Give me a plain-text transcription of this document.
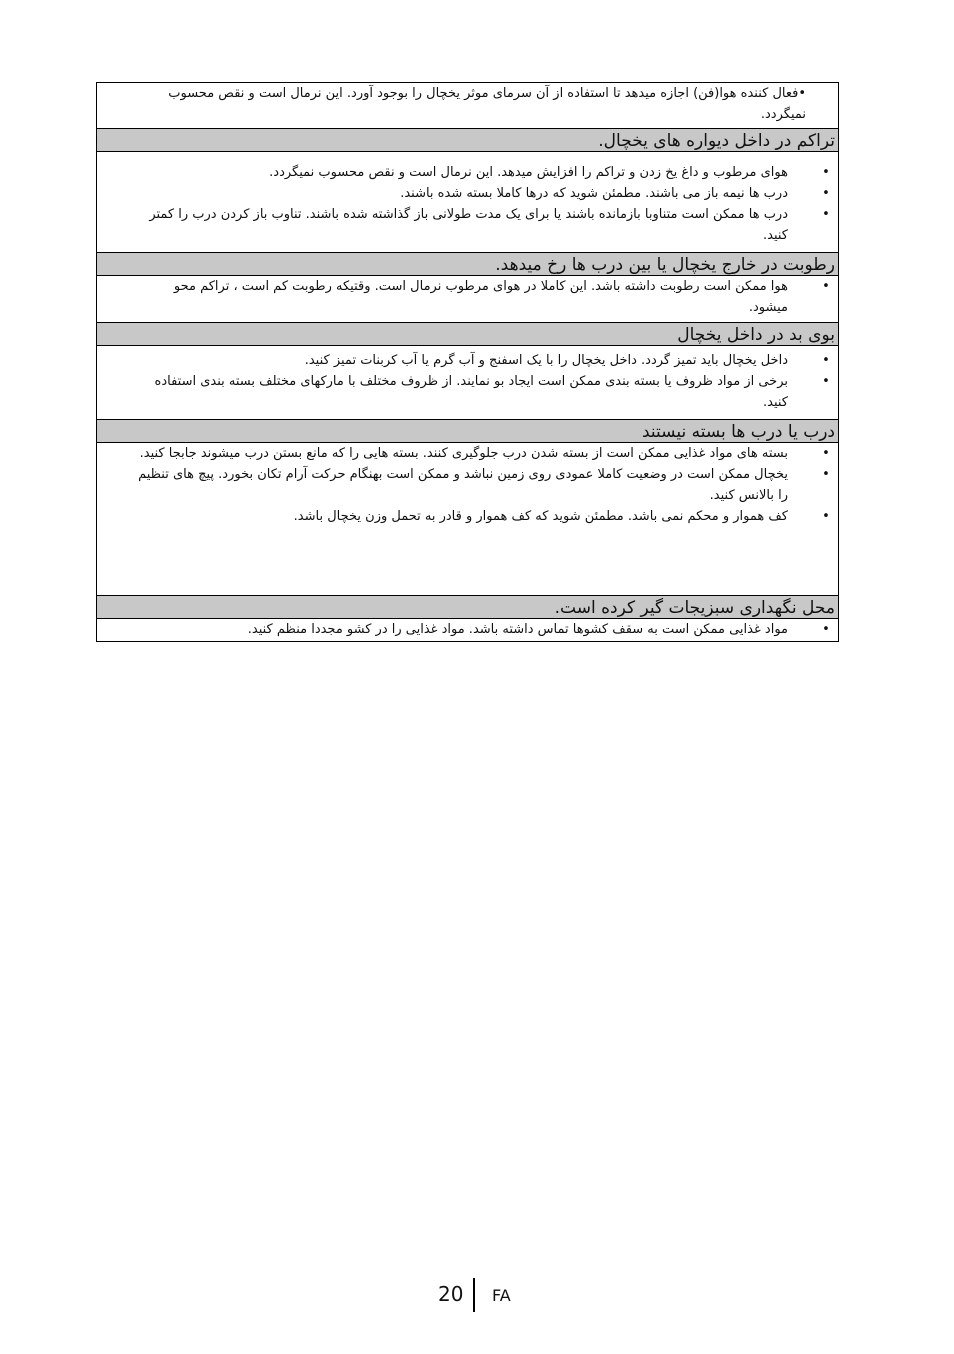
•فعال كننده هوا(فن) اجازه میدهد تا استفاده از آن سرمای موثر يخچال را بوجود آورد. اين نرمال است و نقص محسوب نميگردد.
تراكم در داخل ديواره های يخچال.
•
هوای مرطوب و داغ يخ زدن و تراكم را افزايش ميدهد. اين نرمال است و نقص محسوب نميگردد.
•
درب ها نيمه باز می باشند. مطمئن شويد كه درها كاملا بسته شده باشند.
•
درب ها ممكن است متناوبا بازمانده باشند يا برای يک مدت طولانی باز گذاشته شده باشند. تناوب باز كردن درب را كمتر كنيد.
رطوبت در خارج يخچال يا بين درب ها رخ ميدهد.
•
هوا ممكن است رطوبت داشته باشد. اين كاملا در هوای مرطوب نرمال است. وقتيكه رطوبت كم است ، تراكم محو ميشود.
بوی بد در داخل يخچال
•
داخل يخچال بايد تميز گردد. داخل يخچال را با يک اسفنج و آب گرم يا آب كربنات تميز كنيد.
•
برخی از مواد ظروف يا بسته بندی ممكن است ايجاد بو نمايند. از ظروف مختلف با ماركهای مختلف بسته بندی استفاده كنيد.
درب يا درب ها بسته نيستند
•
بسته های مواد غذايی ممكن است از بسته شدن درب جلوگيری كنند. بسته هايی را كه مانع بستن درب ميشوند جابجا كنيد.
•
يخچال ممكن است در وضعيت كاملا عمودی روی زمين نباشد و ممكن است بهنگام حركت آرام تكان بخورد. پيچ های تنظيم را بالانس كنيد.
•
كف هموار و محكم نمی باشد. مطمئن شويد كه كف هموار و قادر به تحمل وزن يخچال باشد.
محل نگهداری سبزيجات گير كرده است.
•
مواد غذايی ممكن است به سقف كشوها تماس داشته باشد. مواد غذايی را در كشو مجددا منظم كنيد.
20 FA
